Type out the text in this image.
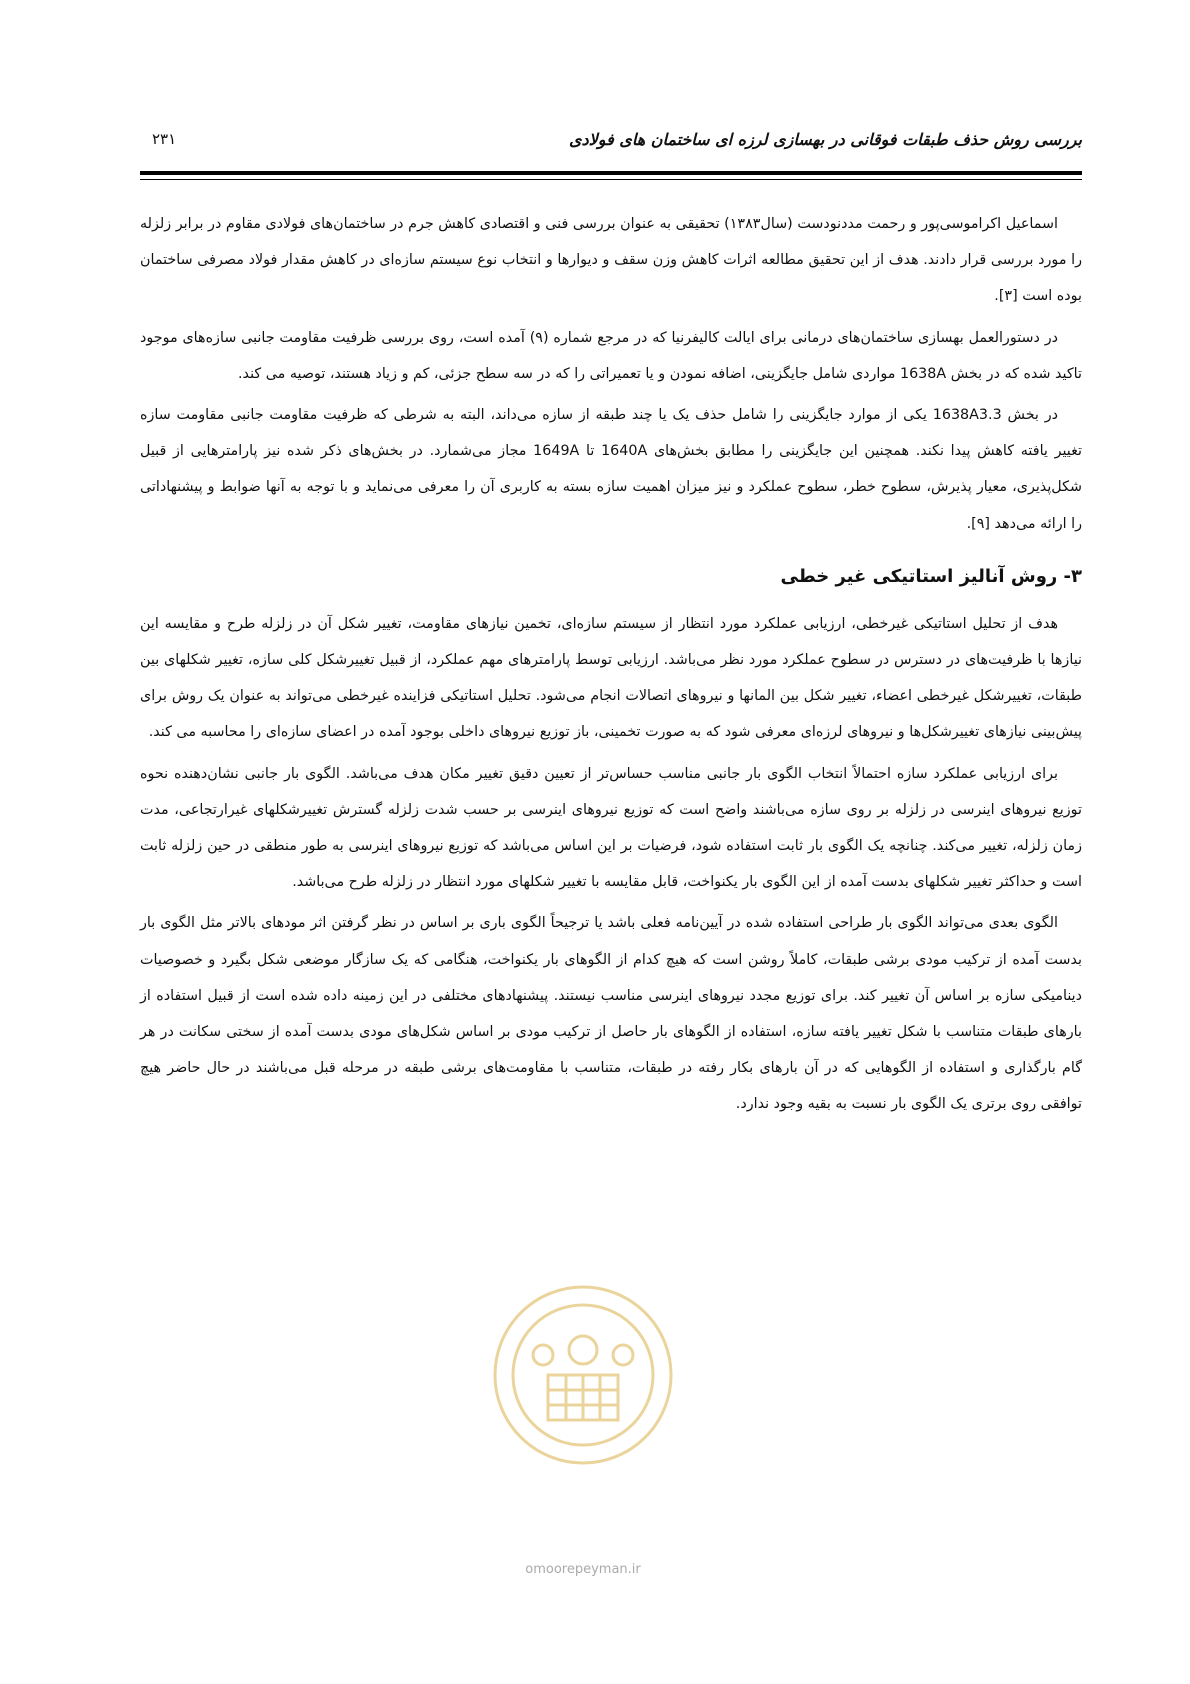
بررسی روش حذف طبقات فوقانی در بهسازی لرزه ای ساختمان های فولادی
۲۳۱

اسماعیل اکراموسی‌پور و رحمت مددنودست (سال۱۳۸۳) تحقیقی به عنوان بررسی فنی و اقتصادی کاهش جرم در ساختمان‌های فولادی مقاوم در برابر زلزله را مورد بررسی قرار دادند. هدف از این تحقیق مطالعه اثرات کاهش وزن سقف و دیوارها و انتخاب نوع سیستم سازه‌ای در کاهش مقدار فولاد مصرفی ساختمان بوده است [۳].

در دستورالعمل بهسازی ساختمان‌های درمانی برای ایالت کالیفرنیا که در مرجع شماره (۹) آمده است، روی بررسی ظرفیت مقاومت جانبی سازه‌های موجود تاکید شده که در بخش 1638A مواردی شامل جایگزینی، اضافه نمودن و یا تعمیراتی را که در سه سطح جزئی، کم و زیاد هستند، توصیه می کند.

در بخش 1638A3.3 یکی از موارد جایگزینی را شامل حذف یک یا چند طبقه از سازه می‌داند، البته به شرطی که ظرفیت مقاومت جانبی مقاومت سازه تغییر یافته کاهش پیدا نکند. همچنین این جایگزینی را مطابق بخش‌های 1640A تا 1649A مجاز می‌شمارد. در بخش‌های ذکر شده نیز پارامترهایی از قبیل شکل‌پذیری، معیار پذیرش، سطوح خطر، سطوح عملکرد و نیز میزان اهمیت سازه بسته به کاربری آن را معرفی می‌نماید و با توجه به آنها ضوابط و پیشنهاداتی را ارائه می‌دهد [۹].

۳- روش آنالیز استاتیکی غیر خطی

هدف از تحلیل استاتیکی غیرخطی، ارزیابی عملکرد مورد انتظار از سیستم سازه‌ای، تخمین نیازهای مقاومت، تغییر شکل آن در زلزله طرح و مقایسه این نیازها با ظرفیت‌های در دسترس در سطوح عملکرد مورد نظر می‌باشد. ارزیابی توسط پارامترهای مهم عملکرد، از قبیل تغییرشکل کلی سازه، تغییر شکلهای بین طبقات، تغییرشکل غیرخطی اعضاء، تغییر شکل بین المانها و نیروهای اتصالات انجام می‌شود. تحلیل استاتیکی فزاینده غیرخطی می‌تواند به عنوان یک روش برای پیش‌بینی نیازهای تغییرشکل‌ها و نیروهای لرزه‌ای معرفی شود که به صورت تخمینی، باز توزیع نیروهای داخلی بوجود آمده در اعضای سازه‌ای را محاسبه می کند.

برای ارزیابی عملکرد سازه احتمالاً انتخاب الگوی بار جانبی مناسب حساس‌تر از تعیین دقیق تغییر مکان هدف می‌باشد. الگوی بار جانبی نشان‌دهنده نحوه توزیع نیروهای اینرسی در زلزله بر روی سازه می‌باشند واضح است که توزیع نیروهای اینرسی بر حسب شدت زلزله گسترش تغییرشکلهای غیرارتجاعی، مدت زمان زلزله، تغییر می‌کند. چنانچه یک الگوی بار ثابت استفاده شود، فرضیات بر این اساس می‌باشد که توزیع نیروهای اینرسی به طور منطقی در حین زلزله ثابت است و حداکثر تغییر شکلهای بدست آمده از این الگوی بار یکنواخت، قابل مقایسه با تغییر شکلهای مورد انتظار در زلزله طرح می‌باشد.

الگوی بعدی می‌تواند الگوی بار طراحی استفاده شده در آیین‌نامه فعلی باشد یا ترجیحاً الگوی باری بر اساس در نظر گرفتن اثر مودهای بالاتر مثل الگوی بار بدست آمده از ترکیب مودی برشی طبقات، کاملاً روشن است که هیچ کدام از الگوهای بار یکنواخت، هنگامی که یک سازگار موضعی شکل بگیرد و خصوصیات دینامیکی سازه بر اساس آن تغییر کند. برای توزیع مجدد نیروهای اینرسی مناسب نیستند. پیشنهادهای مختلفی در این زمینه داده شده است از قبیل استفاده از بارهای طبقات متناسب با شکل تغییر یافته سازه، استفاده از الگوهای بار حاصل از ترکیب مودی بر اساس شکل‌های مودی بدست آمده از سختی سکانت در هر گام بارگذاری و استفاده از الگوهایی که در آن بارهای بکار رفته در طبقات، متناسب با مقاومت‌های برشی طبقه در مرحله قبل می‌باشند در حال حاضر هیچ توافقی روی برتری یک الگوی بار نسبت به بقیه وجود ندارد.

omoorepeyman.ir
